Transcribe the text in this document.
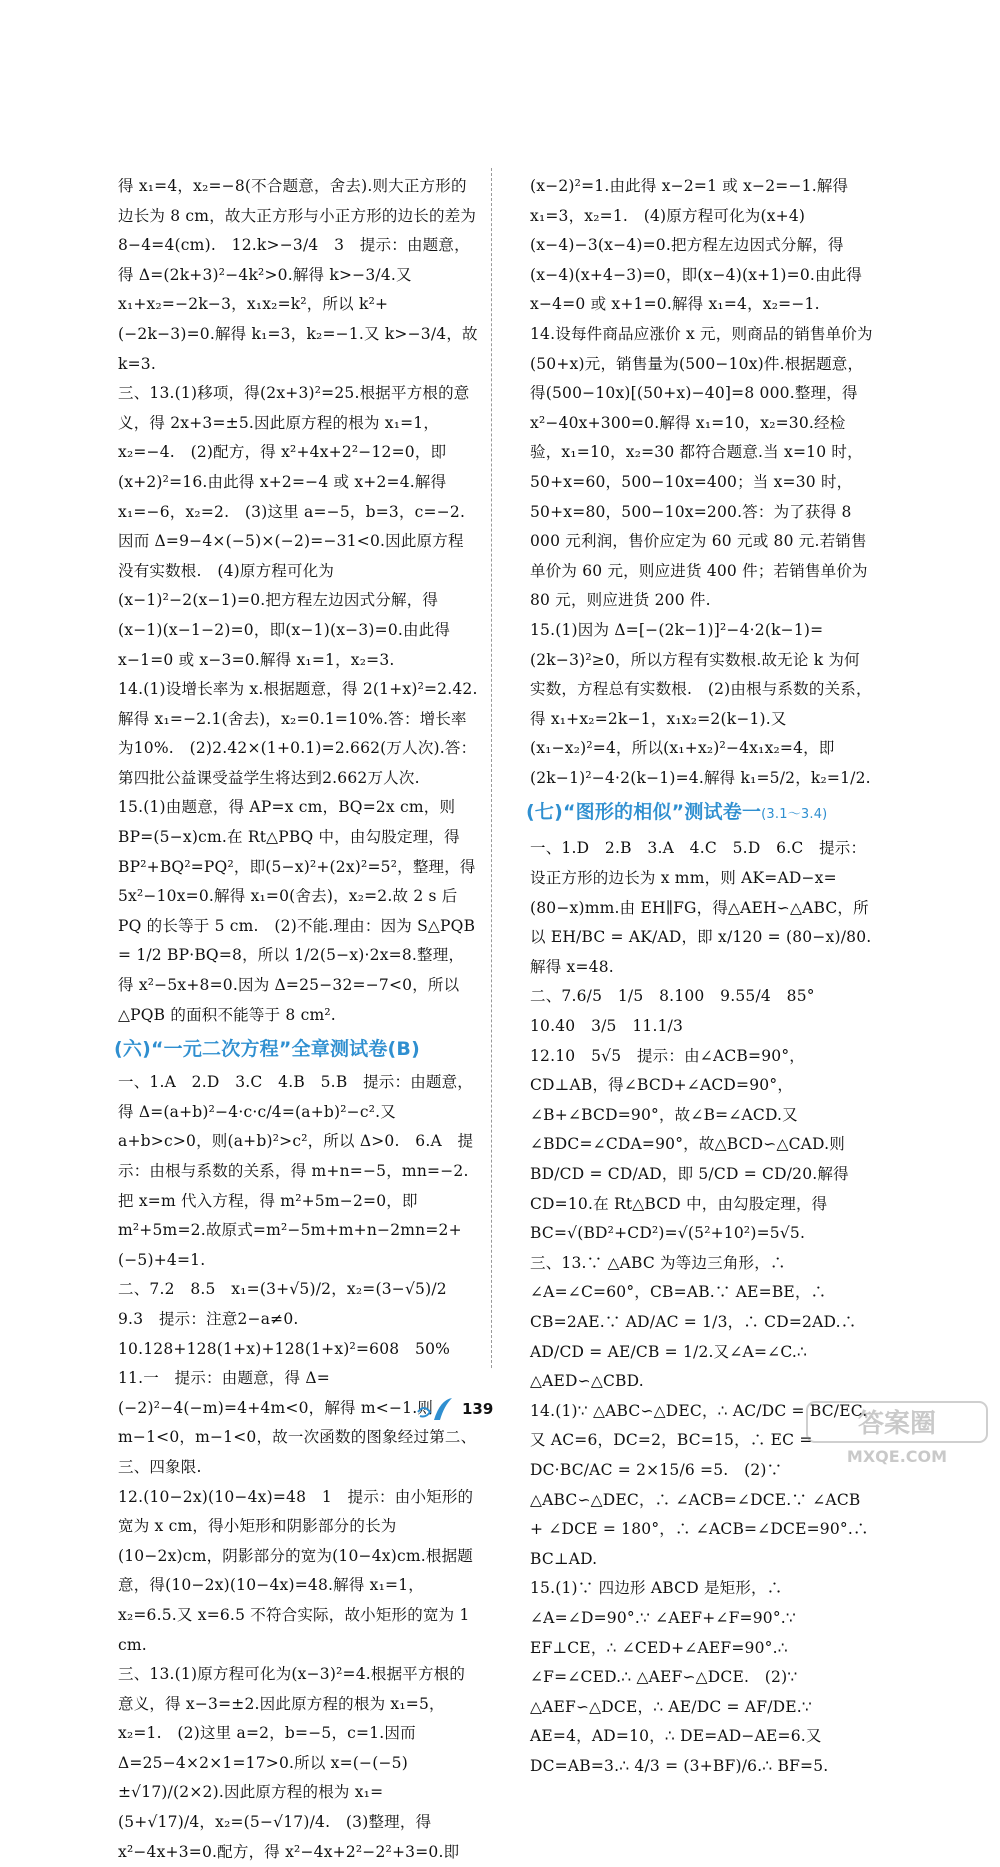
得 x₁=4，x₂=−8(不合题意，舍去).则大正方形的边长为 8 cm，故大正方形与小正方形的边长的差为 8−4=4(cm).　12.k>−3/4　3　提示：由题意，得 Δ=(2k+3)²−4k²>0.解得 k>−3/4.又 x₁+x₂=−2k−3，x₁x₂=k²，所以 k²+(−2k−3)=0.解得 k₁=3，k₂=−1.又 k>−3/4，故 k=3.

三、13.(1)移项，得(2x+3)²=25.根据平方根的意义，得 2x+3=±5.因此原方程的根为 x₁=1，x₂=−4.　(2)配方，得 x²+4x+2²−12=0，即(x+2)²=16.由此得 x+2=−4 或 x+2=4.解得 x₁=−6，x₂=2.　(3)这里 a=−5，b=3，c=−2.因而 Δ=9−4×(−5)×(−2)=−31<0.因此原方程没有实数根.　(4)原方程可化为(x−1)²−2(x−1)=0.把方程左边因式分解，得(x−1)(x−1−2)=0，即(x−1)(x−3)=0.由此得 x−1=0 或 x−3=0.解得 x₁=1，x₂=3.

14.(1)设增长率为 x.根据题意，得 2(1+x)²=2.42.解得 x₁=−2.1(舍去)，x₂=0.1=10%.答：增长率为10%.　(2)2.42×(1+0.1)=2.662(万人次).答：第四批公益课受益学生将达到2.662万人次.

15.(1)由题意，得 AP=x cm，BQ=2x cm，则 BP=(5−x)cm.在 Rt△PBQ 中，由勾股定理，得 BP²+BQ²=PQ²，即(5−x)²+(2x)²=5²，整理，得 5x²−10x=0.解得 x₁=0(舍去)，x₂=2.故 2 s 后 PQ 的长等于 5 cm.　(2)不能.理由：因为 S△PQB = 1/2 BP·BQ=8，所以 1/2(5−x)·2x=8.整理，得 x²−5x+8=0.因为 Δ=25−32=−7<0，所以△PQB 的面积不能等于 8 cm².

(六)“一元二次方程”全章测试卷(B)

一、1.A　2.D　3.C　4.B　5.B　提示：由题意，得 Δ=(a+b)²−4·c·c/4=(a+b)²−c².又 a+b>c>0，则(a+b)²>c²，所以 Δ>0.　6.A　提示：由根与系数的关系，得 m+n=−5，mn=−2.把 x=m 代入方程，得 m²+5m−2=0，即 m²+5m=2.故原式=m²−5m+m+n−2mn=2+(−5)+4=1.

二、7.2　8.5　x₁=(3+√5)/2，x₂=(3−√5)/2　9.3　提示：注意2−a≠0.　10.128+128(1+x)+128(1+x)²=608　50%　11.一　提示：由题意，得 Δ=(−2)²−4(−m)=4+4m<0，解得 m<−1.则 m−1<0，m−1<0，故一次函数的图象经过第二、三、四象限.

12.(10−2x)(10−4x)=48　1　提示：由小矩形的宽为 x cm，得小矩形和阴影部分的长为(10−2x)cm，阴影部分的宽为(10−4x)cm.根据题意，得(10−2x)(10−4x)=48.解得 x₁=1，x₂=6.5.又 x=6.5 不符合实际，故小矩形的宽为 1 cm.

三、13.(1)原方程可化为(x−3)²=4.根据平方根的意义，得 x−3=±2.因此原方程的根为 x₁=5，x₂=1.　(2)这里 a=2，b=−5，c=1.因而 Δ=25−4×2×1=17>0.所以 x=(−(−5)±√17)/(2×2).因此原方程的根为 x₁=(5+√17)/4，x₂=(5−√17)/4.　(3)整理，得 x²−4x+3=0.配方，得 x²−4x+2²−2²+3=0.即

(x−2)²=1.由此得 x−2=1 或 x−2=−1.解得 x₁=3，x₂=1.　(4)原方程可化为(x+4)(x−4)−3(x−4)=0.把方程左边因式分解，得(x−4)(x+4−3)=0，即(x−4)(x+1)=0.由此得 x−4=0 或 x+1=0.解得 x₁=4，x₂=−1.

14.设每件商品应涨价 x 元，则商品的销售单价为(50+x)元，销售量为(500−10x)件.根据题意，得(500−10x)[(50+x)−40]=8 000.整理，得 x²−40x+300=0.解得 x₁=10，x₂=30.经检验，x₁=10，x₂=30 都符合题意.当 x=10 时，50+x=60，500−10x=400；当 x=30 时，50+x=80，500−10x=200.答：为了获得 8 000 元利润，售价应定为 60 元或 80 元.若销售单价为 60 元，则应进货 400 件；若销售单价为 80 元，则应进货 200 件.

15.(1)因为 Δ=[−(2k−1)]²−4·2(k−1)=(2k−3)²≥0，所以方程有实数根.故无论 k 为何实数，方程总有实数根.　(2)由根与系数的关系，得 x₁+x₂=2k−1，x₁x₂=2(k−1).又(x₁−x₂)²=4，所以(x₁+x₂)²−4x₁x₂=4，即(2k−1)²−4·2(k−1)=4.解得 k₁=5/2，k₂=1/2.

(七)“图形的相似”测试卷一(3.1～3.4)

一、1.D　2.B　3.A　4.C　5.D　6.C　提示：设正方形的边长为 x mm，则 AK=AD−x=(80−x)mm.由 EH∥FG，得△AEH∽△ABC，所以 EH/BC = AK/AD，即 x/120 = (80−x)/80.解得 x=48.

二、7.6/5　1/5　8.100　9.55/4　85°　10.40　3/5　11.1/3

12.10　5√5　提示：由∠ACB=90°，CD⊥AB，得∠BCD+∠ACD=90°，∠B+∠BCD=90°，故∠B=∠ACD.又∠BDC=∠CDA=90°，故△BCD∽△CAD.则 BD/CD = CD/AD，即 5/CD = CD/20.解得 CD=10.在 Rt△BCD 中，由勾股定理，得 BC=√(BD²+CD²)=√(5²+10²)=5√5.

三、13.∵ △ABC 为等边三角形，∴ ∠A=∠C=60°，CB=AB.∵ AE=BE，∴ CB=2AE.∵ AD/AC = 1/3，∴ CD=2AD.∴ AD/CD = AE/CB = 1/2.又∠A=∠C.∴ △AED∽△CBD.

14.(1)∵ △ABC∽△DEC，∴ AC/DC = BC/EC.又 AC=6，DC=2，BC=15，∴ EC = DC·BC/AC = 2×15/6 =5.　(2)∵ △ABC∽△DEC，∴ ∠ACB=∠DCE.∵ ∠ACB + ∠DCE = 180°，∴ ∠ACB=∠DCE=90°.∴ BC⊥AD.

15.(1)∵ 四边形 ABCD 是矩形，∴ ∠A=∠D=90°.∵ ∠AEF+∠F=90°.∵ EF⊥CE，∴ ∠CED+∠AEF=90°.∴ ∠F=∠CED.∴ △AEF∽△DCE.　(2)∵ △AEF∽△DCE，∴ AE/DC = AF/DE.∵ AE=4，AD=10，∴ DE=AD−AE=6.又 DC=AB=3.∴ 4/3 = (3+BF)/6.∴ BF=5.

139	答案圈
MXQE.COM
